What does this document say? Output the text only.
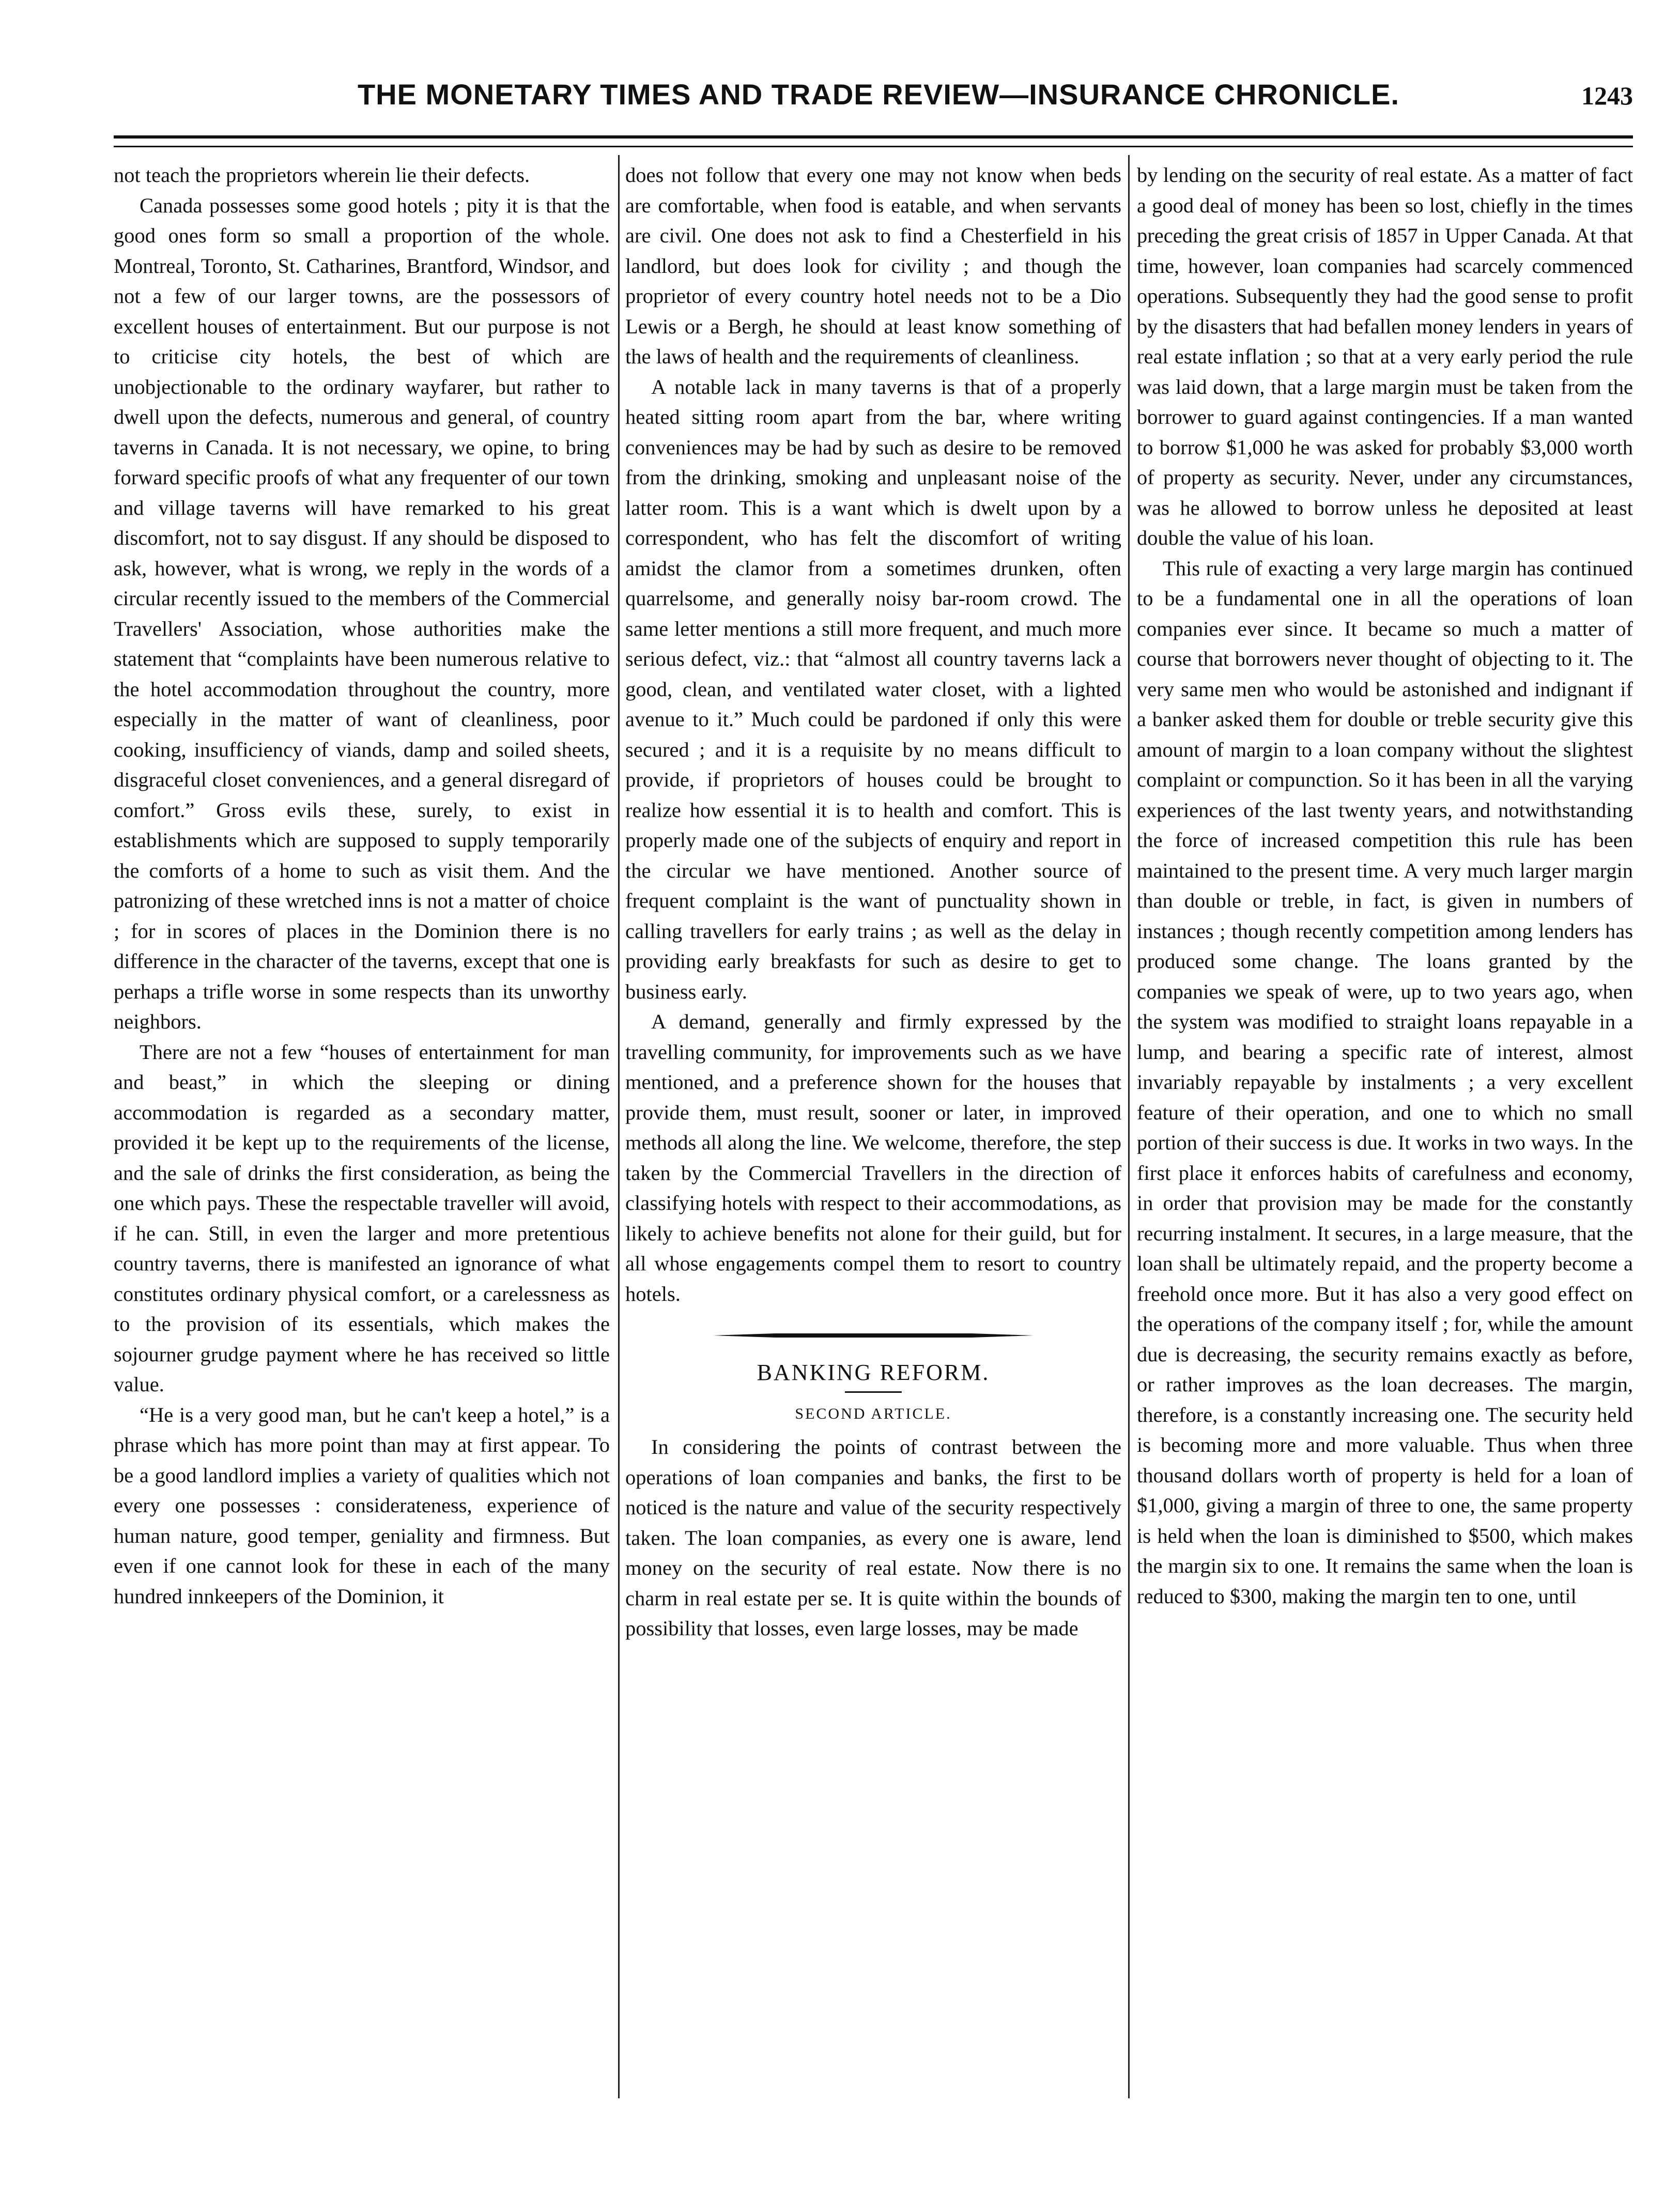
THE MONETARY TIMES AND TRADE REVIEW—INSURANCE CHRONICLE.	1243

not teach the proprietors wherein lie their defects.

Canada possesses some good hotels ; pity it is that the good ones form so small a proportion of the whole. Montreal, Toronto, St. Catharines, Brantford, Windsor, and not a few of our larger towns, are the possessors of excellent houses of entertainment. But our purpose is not to criticise city hotels, the best of which are unobjectionable to the ordinary wayfarer, but rather to dwell upon the defects, numerous and general, of country taverns in Canada. It is not necessary, we opine, to bring forward specific proofs of what any frequenter of our town and village taverns will have remarked to his great discomfort, not to say disgust. If any should be disposed to ask, however, what is wrong, we reply in the words of a circular recently issued to the members of the Commercial Travellers' Association, whose authorities make the statement that “complaints have been numerous relative to the hotel accommodation throughout the country, more especially in the matter of want of cleanliness, poor cooking, insufficiency of viands, damp and soiled sheets, disgraceful closet conveniences, and a general disregard of comfort.” Gross evils these, surely, to exist in establishments which are supposed to supply temporarily the comforts of a home to such as visit them. And the patronizing of these wretched inns is not a matter of choice ; for in scores of places in the Dominion there is no difference in the character of the taverns, except that one is perhaps a trifle worse in some respects than its unworthy neighbors.

There are not a few “houses of entertainment for man and beast,” in which the sleeping or dining accommodation is regarded as a secondary matter, provided it be kept up to the requirements of the license, and the sale of drinks the first consideration, as being the one which pays. These the respectable traveller will avoid, if he can. Still, in even the larger and more pretentious country taverns, there is manifested an ignorance of what constitutes ordinary physical comfort, or a carelessness as to the provision of its essentials, which makes the sojourner grudge payment where he has received so little value.

“He is a very good man, but he can't keep a hotel,” is a phrase which has more point than may at first appear. To be a good landlord implies a variety of qualities which not every one possesses : considerateness, experience of human nature, good temper, geniality and firmness. But even if one cannot look for these in each of the many hundred innkeepers of the Dominion, it

does not follow that every one may not know when beds are comfortable, when food is eatable, and when servants are civil. One does not ask to find a Chesterfield in his landlord, but does look for civility ; and though the proprietor of every country hotel needs not to be a Dio Lewis or a Bergh, he should at least know something of the laws of health and the requirements of cleanliness.

A notable lack in many taverns is that of a properly heated sitting room apart from the bar, where writing conveniences may be had by such as desire to be removed from the drinking, smoking and unpleasant noise of the latter room. This is a want which is dwelt upon by a correspondent, who has felt the discomfort of writing amidst the clamor from a sometimes drunken, often quarrelsome, and generally noisy bar-room crowd. The same letter mentions a still more frequent, and much more serious defect, viz.: that “almost all country taverns lack a good, clean, and ventilated water closet, with a lighted avenue to it.” Much could be pardoned if only this were secured ; and it is a requisite by no means difficult to provide, if proprietors of houses could be brought to realize how essential it is to health and comfort. This is properly made one of the subjects of enquiry and report in the circular we have mentioned. Another source of frequent complaint is the want of punctuality shown in calling travellers for early trains ; as well as the delay in providing early breakfasts for such as desire to get to business early.

A demand, generally and firmly expressed by the travelling community, for improvements such as we have mentioned, and a preference shown for the houses that provide them, must result, sooner or later, in improved methods all along the line. We welcome, therefore, the step taken by the Commercial Travellers in the direction of classifying hotels with respect to their accommodations, as likely to achieve benefits not alone for their guild, but for all whose engagements compel them to resort to country hotels.

BANKING REFORM.
SECOND ARTICLE.

In considering the points of contrast between the operations of loan companies and banks, the first to be noticed is the nature and value of the security respectively taken. The loan companies, as every one is aware, lend money on the security of real estate. Now there is no charm in real estate per se. It is quite within the bounds of possibility that losses, even large losses, may be made

by lending on the security of real estate. As a matter of fact a good deal of money has been so lost, chiefly in the times preceding the great crisis of 1857 in Upper Canada. At that time, however, loan companies had scarcely commenced operations. Subsequently they had the good sense to profit by the disasters that had befallen money lenders in years of real estate inflation ; so that at a very early period the rule was laid down, that a large margin must be taken from the borrower to guard against contingencies. If a man wanted to borrow $1,000 he was asked for probably $3,000 worth of property as security. Never, under any circumstances, was he allowed to borrow unless he deposited at least double the value of his loan.

This rule of exacting a very large margin has continued to be a fundamental one in all the operations of loan companies ever since. It became so much a matter of course that borrowers never thought of objecting to it. The very same men who would be astonished and indignant if a banker asked them for double or treble security give this amount of margin to a loan company without the slightest complaint or compunction. So it has been in all the varying experiences of the last twenty years, and notwithstanding the force of increased competition this rule has been maintained to the present time. A very much larger margin than double or treble, in fact, is given in numbers of instances ; though recently competition among lenders has produced some change. The loans granted by the companies we speak of were, up to two years ago, when the system was modified to straight loans repayable in a lump, and bearing a specific rate of interest, almost invariably repayable by instalments ; a very excellent feature of their operation, and one to which no small portion of their success is due. It works in two ways. In the first place it enforces habits of carefulness and economy, in order that provision may be made for the constantly recurring instalment. It secures, in a large measure, that the loan shall be ultimately repaid, and the property become a freehold once more. But it has also a very good effect on the operations of the company itself ; for, while the amount due is decreasing, the security remains exactly as before, or rather improves as the loan decreases. The margin, therefore, is a constantly increasing one. The security held is becoming more and more valuable. Thus when three thousand dollars worth of property is held for a loan of $1,000, giving a margin of three to one, the same property is held when the loan is diminished to $500, which makes the margin six to one. It remains the same when the loan is reduced to $300, making the margin ten to one, until
